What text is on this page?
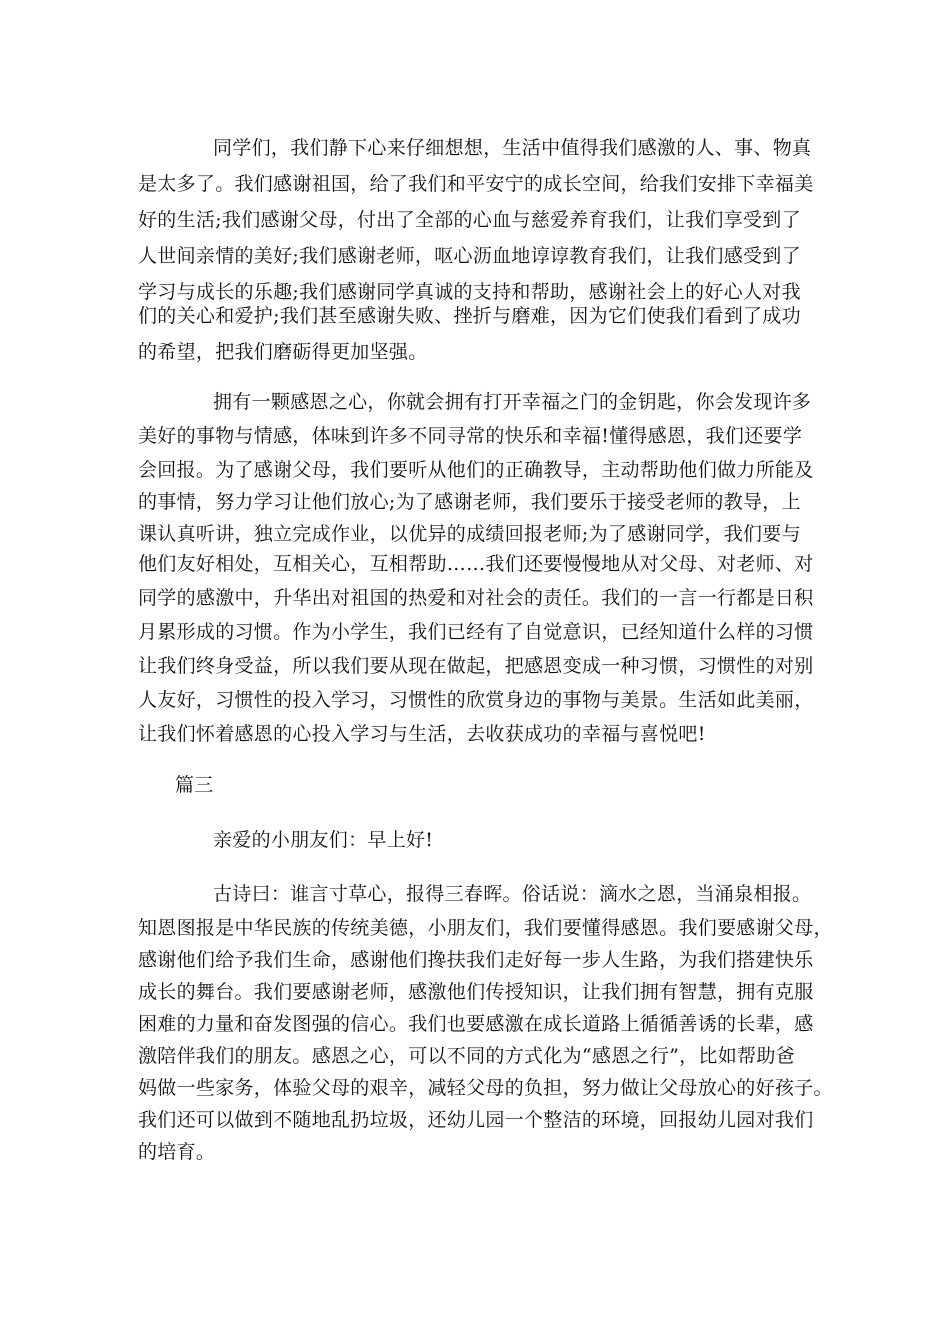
同学们，我们静下心来仔细想想，生活中值得我们感激的人、事、物真
是太多了。我们感谢祖国，给了我们和平安宁的成长空间，给我们安排下幸福美
好的生活;我们感谢父母，付出了全部的心血与慈爱养育我们，让我们享受到了
人世间亲情的美好;我们感谢老师，呕心沥血地谆谆教育我们，让我们感受到了
学习与成长的乐趣;我们感谢同学真诚的支持和帮助，感谢社会上的好心人对我
们的关心和爱护;我们甚至感谢失败、挫折与磨难，因为它们使我们看到了成功
的希望，把我们磨砺得更加坚强。
拥有一颗感恩之心，你就会拥有打开幸福之门的金钥匙，你会发现许多
美好的事物与情感，体味到许多不同寻常的快乐和幸福!懂得感恩，我们还要学
会回报。为了感谢父母，我们要听从他们的正确教导，主动帮助他们做力所能及
的事情，努力学习让他们放心;为了感谢老师，我们要乐于接受老师的教导，上
课认真听讲，独立完成作业，以优异的成绩回报老师;为了感谢同学，我们要与
他们友好相处，互相关心，互相帮助……我们还要慢慢地从对父母、对老师、对
同学的感激中，升华出对祖国的热爱和对社会的责任。我们的一言一行都是日积
月累形成的习惯。作为小学生，我们已经有了自觉意识，已经知道什么样的习惯
让我们终身受益，所以我们要从现在做起，把感恩变成一种习惯，习惯性的对别
人友好，习惯性的投入学习，习惯性的欣赏身边的事物与美景。生活如此美丽，
让我们怀着感恩的心投入学习与生活，去收获成功的幸福与喜悦吧!
篇三
亲爱的小朋友们：早上好!
古诗曰：谁言寸草心，报得三春晖。俗话说：滴水之恩，当涌泉相报。
知恩图报是中华民族的传统美德，小朋友们，我们要懂得感恩。我们要感谢父母，
感谢他们给予我们生命，感谢他们搀扶我们走好每一步人生路，为我们搭建快乐
成长的舞台。我们要感谢老师，感激他们传授知识，让我们拥有智慧，拥有克服
困难的力量和奋发图强的信心。我们也要感激在成长道路上循循善诱的长辈，感
激陪伴我们的朋友。感恩之心，可以不同的方式化为“感恩之行”，比如帮助爸
妈做一些家务，体验父母的艰辛，减轻父母的负担，努力做让父母放心的好孩子。
我们还可以做到不随地乱扔垃圾，还幼儿园一个整洁的环境，回报幼儿园对我们
的培育。
